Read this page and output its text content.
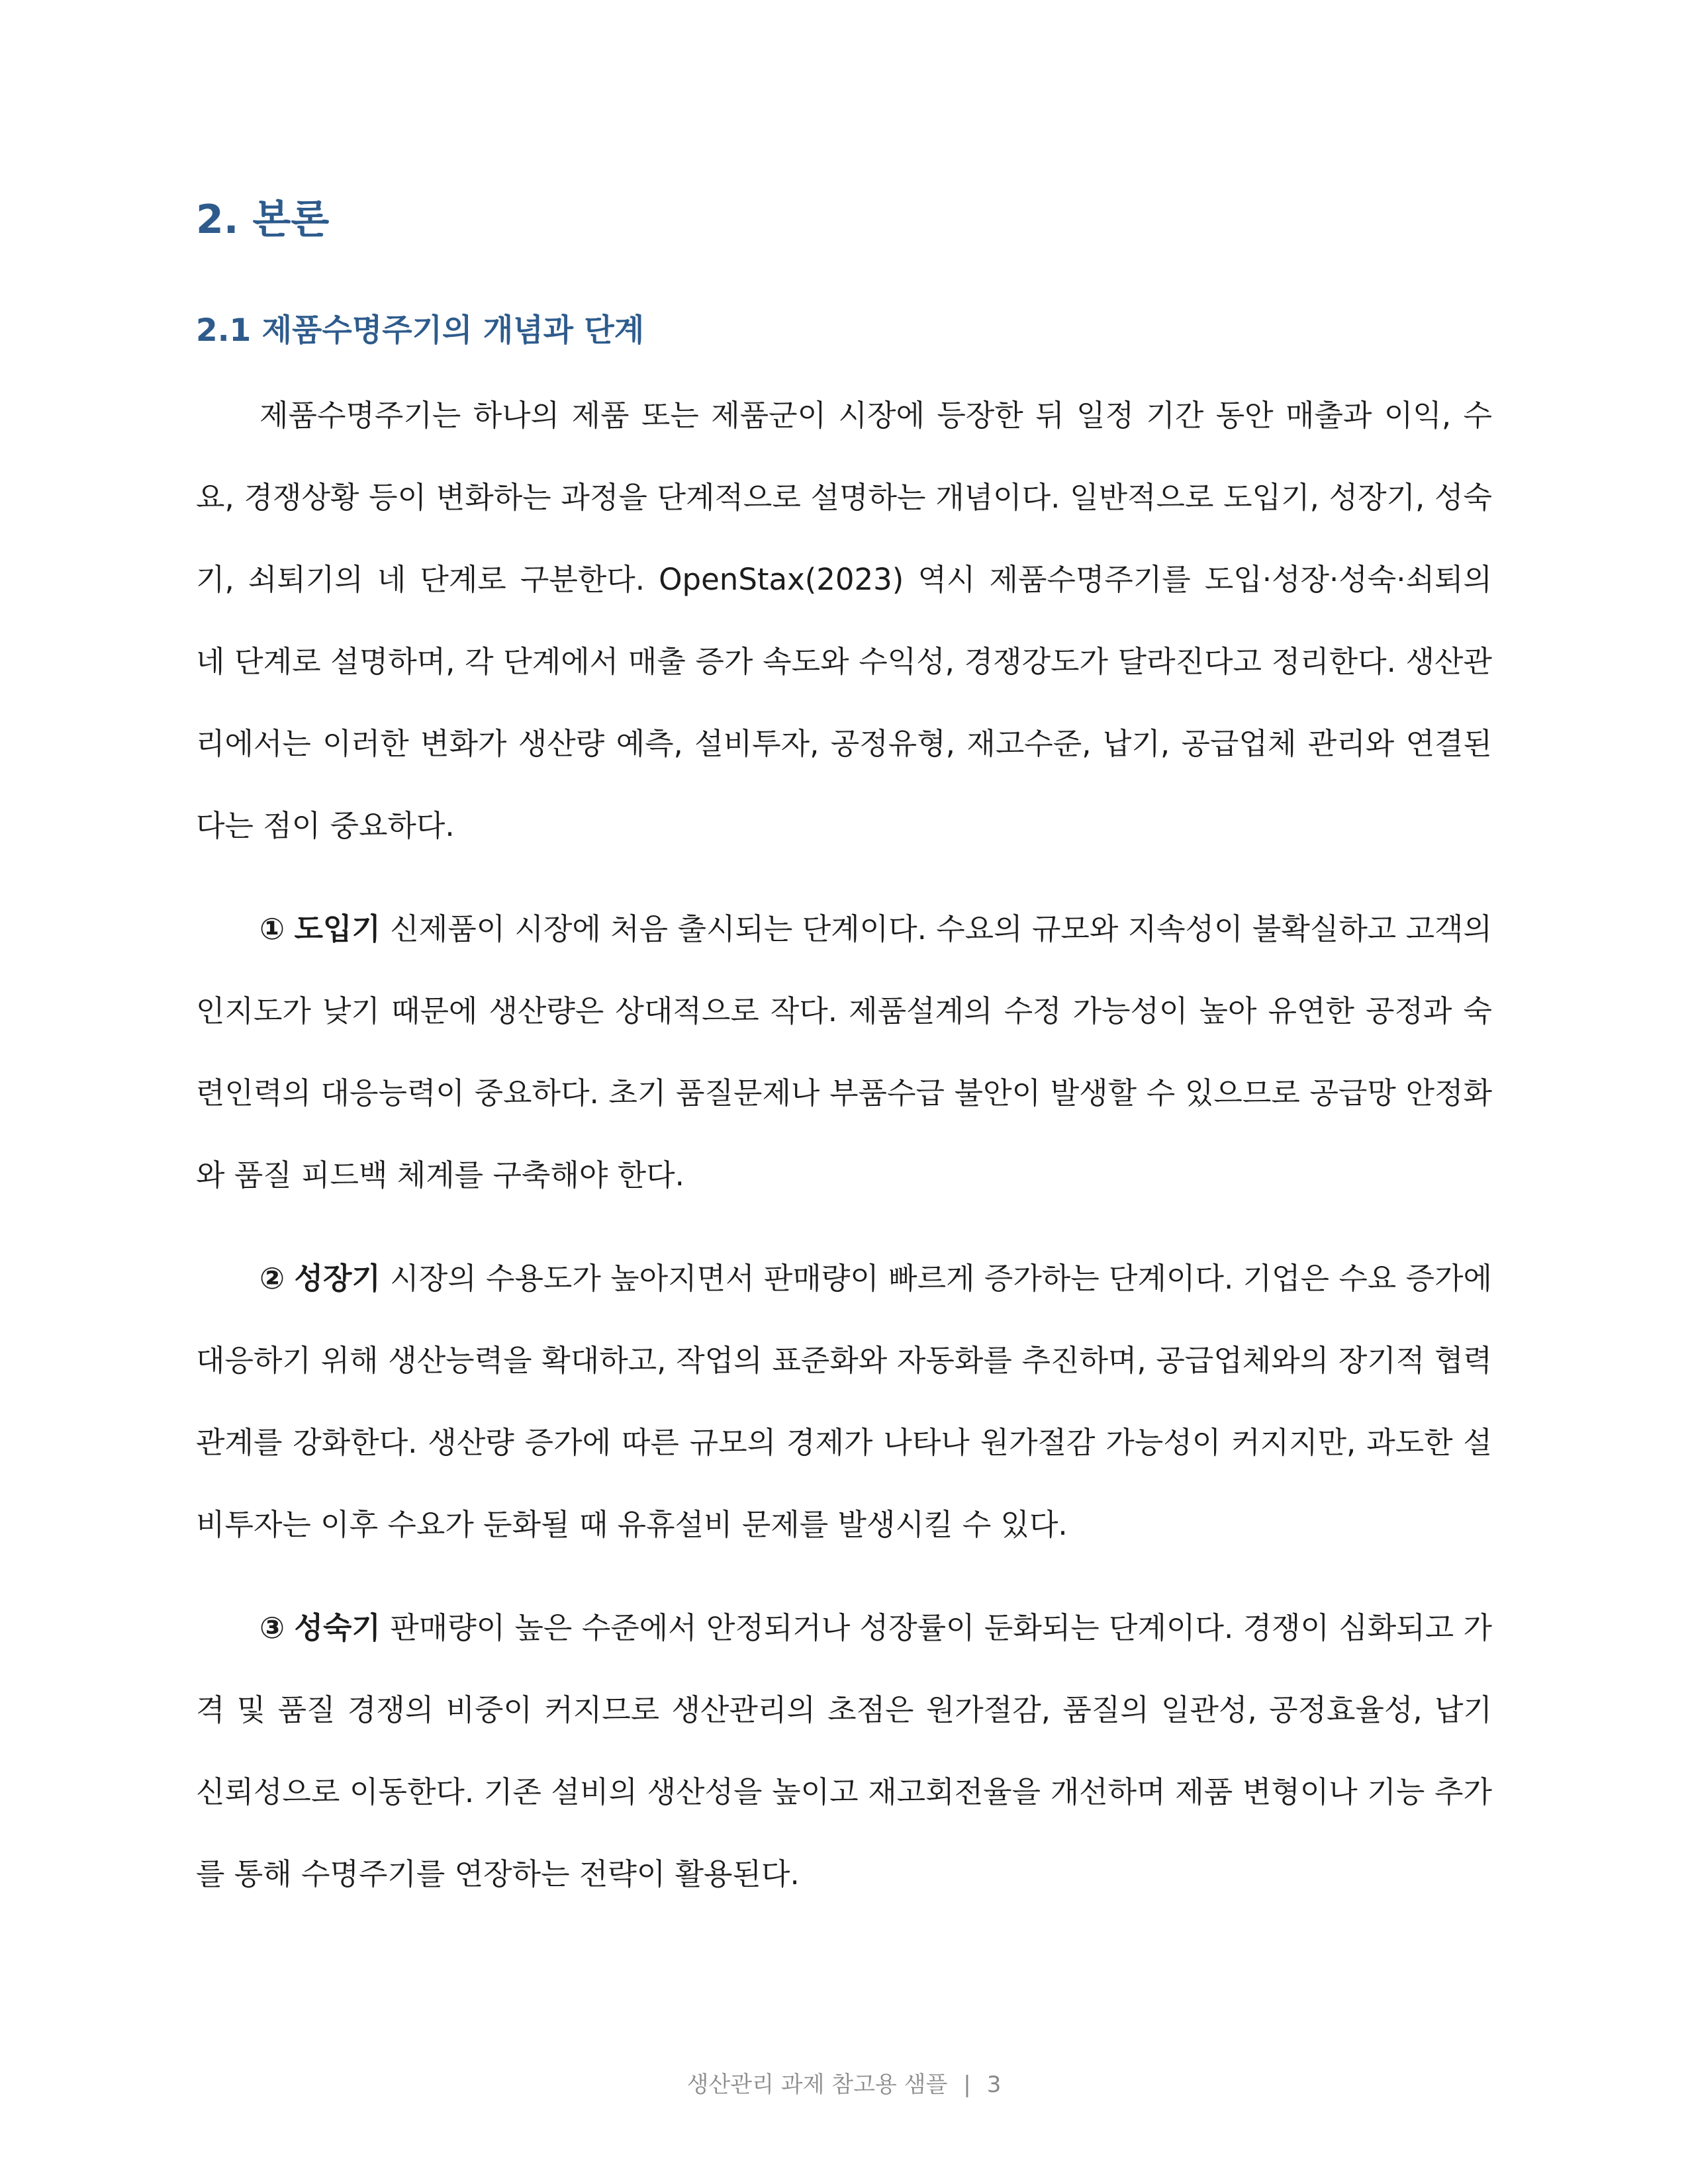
2. 본론
2.1 제품수명주기의 개념과 단계

제품수명주기는 하나의 제품 또는 제품군이 시장에 등장한 뒤 일정 기간 동안 매출과 이익, 수요, 경쟁상황 등이 변화하는 과정을 단계적으로 설명하는 개념이다. 일반적으로 도입기, 성장기, 성숙기, 쇠퇴기의 네 단계로 구분한다. OpenStax(2023) 역시 제품수명주기를 도입·성장·성숙·쇠퇴의 네 단계로 설명하며, 각 단계에서 매출 증가 속도와 수익성, 경쟁강도가 달라진다고 정리한다. 생산관리에서는 이러한 변화가 생산량 예측, 설비투자, 공정유형, 재고수준, 납기, 공급업체 관리와 연결된다는 점이 중요하다.

① 도입기 신제품이 시장에 처음 출시되는 단계이다. 수요의 규모와 지속성이 불확실하고 고객의 인지도가 낮기 때문에 생산량은 상대적으로 작다. 제품설계의 수정 가능성이 높아 유연한 공정과 숙련인력의 대응능력이 중요하다. 초기 품질문제나 부품수급 불안이 발생할 수 있으므로 공급망 안정화와 품질 피드백 체계를 구축해야 한다.

② 성장기 시장의 수용도가 높아지면서 판매량이 빠르게 증가하는 단계이다. 기업은 수요 증가에 대응하기 위해 생산능력을 확대하고, 작업의 표준화와 자동화를 추진하며, 공급업체와의 장기적 협력관계를 강화한다. 생산량 증가에 따른 규모의 경제가 나타나 원가절감 가능성이 커지지만, 과도한 설비투자는 이후 수요가 둔화될 때 유휴설비 문제를 발생시킬 수 있다.

③ 성숙기 판매량이 높은 수준에서 안정되거나 성장률이 둔화되는 단계이다. 경쟁이 심화되고 가격 및 품질 경쟁의 비중이 커지므로 생산관리의 초점은 원가절감, 품질의 일관성, 공정효율성, 납기 신뢰성으로 이동한다. 기존 설비의 생산성을 높이고 재고회전율을 개선하며 제품 변형이나 기능 추가를 통해 수명주기를 연장하는 전략이 활용된다.

생산관리 과제 참고용 샘플 | 3
